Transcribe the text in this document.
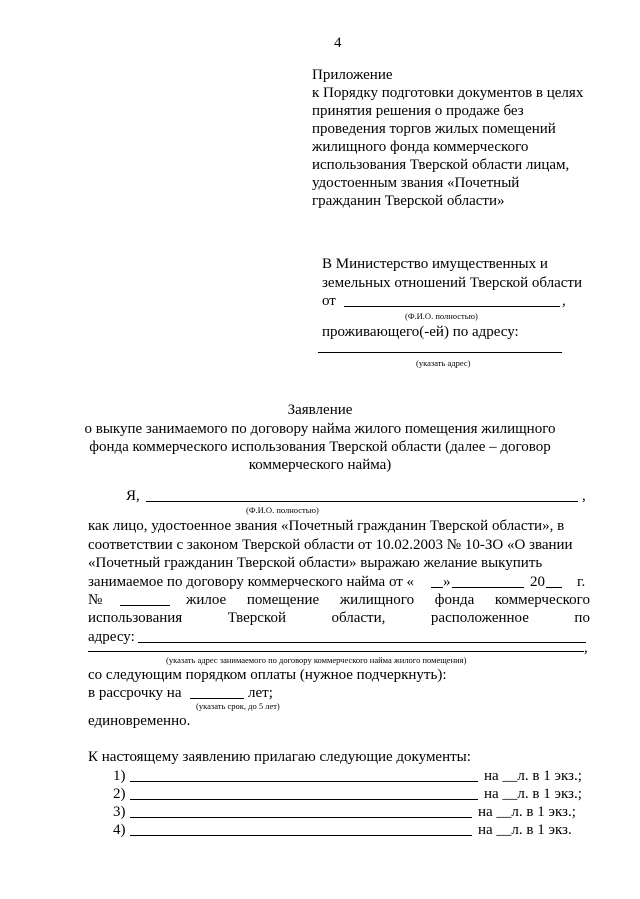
4
Приложение
к Порядку подготовки документов в целях
принятия решения о продаже без
проведения торгов жилых помещений
жилищного фонда коммерческого
использования Тверской области лицам,
удостоенным звания «Почетный
гражданин Тверской области»
В Министерство имущественных и
земельных отношений Тверской области
от	,
(Ф.И.О. полностью)
проживающего(-ей) по адресу:
(указать адрес)
Заявление
о выкупе занимаемого по договору найма жилого помещения жилищного
фонда коммерческого использования Тверской области (далее – договор
коммерческого найма)
Я,	,
(Ф.И.О. полностью)
как лицо, удостоенное звания «Почетный гражданин Тверской области», в
соответствии с законом Тверской области от 10.02.2003 № 10-ЗО «О звании
«Почетный гражданин Тверской области» выражаю желание выкупить
занимаемое по договору коммерческого найма от « »	20 г.
№	жилое помещение жилищного фонда коммерческого
использования	Тверской	области,	расположенное	по
адресу:
,
(указать адрес занимаемого по договору коммерческого найма жилого помещения)
со следующим порядком оплаты (нужное подчеркнуть):
в рассрочку на	лет;
(указать срок, до 5 лет)
единовременно.
К настоящему заявлению прилагаю следующие документы:
1)	на __л. в 1 экз.;
2)	на __л. в 1 экз.;
3)	на __л. в 1 экз.;
4)	на __л. в 1 экз.
